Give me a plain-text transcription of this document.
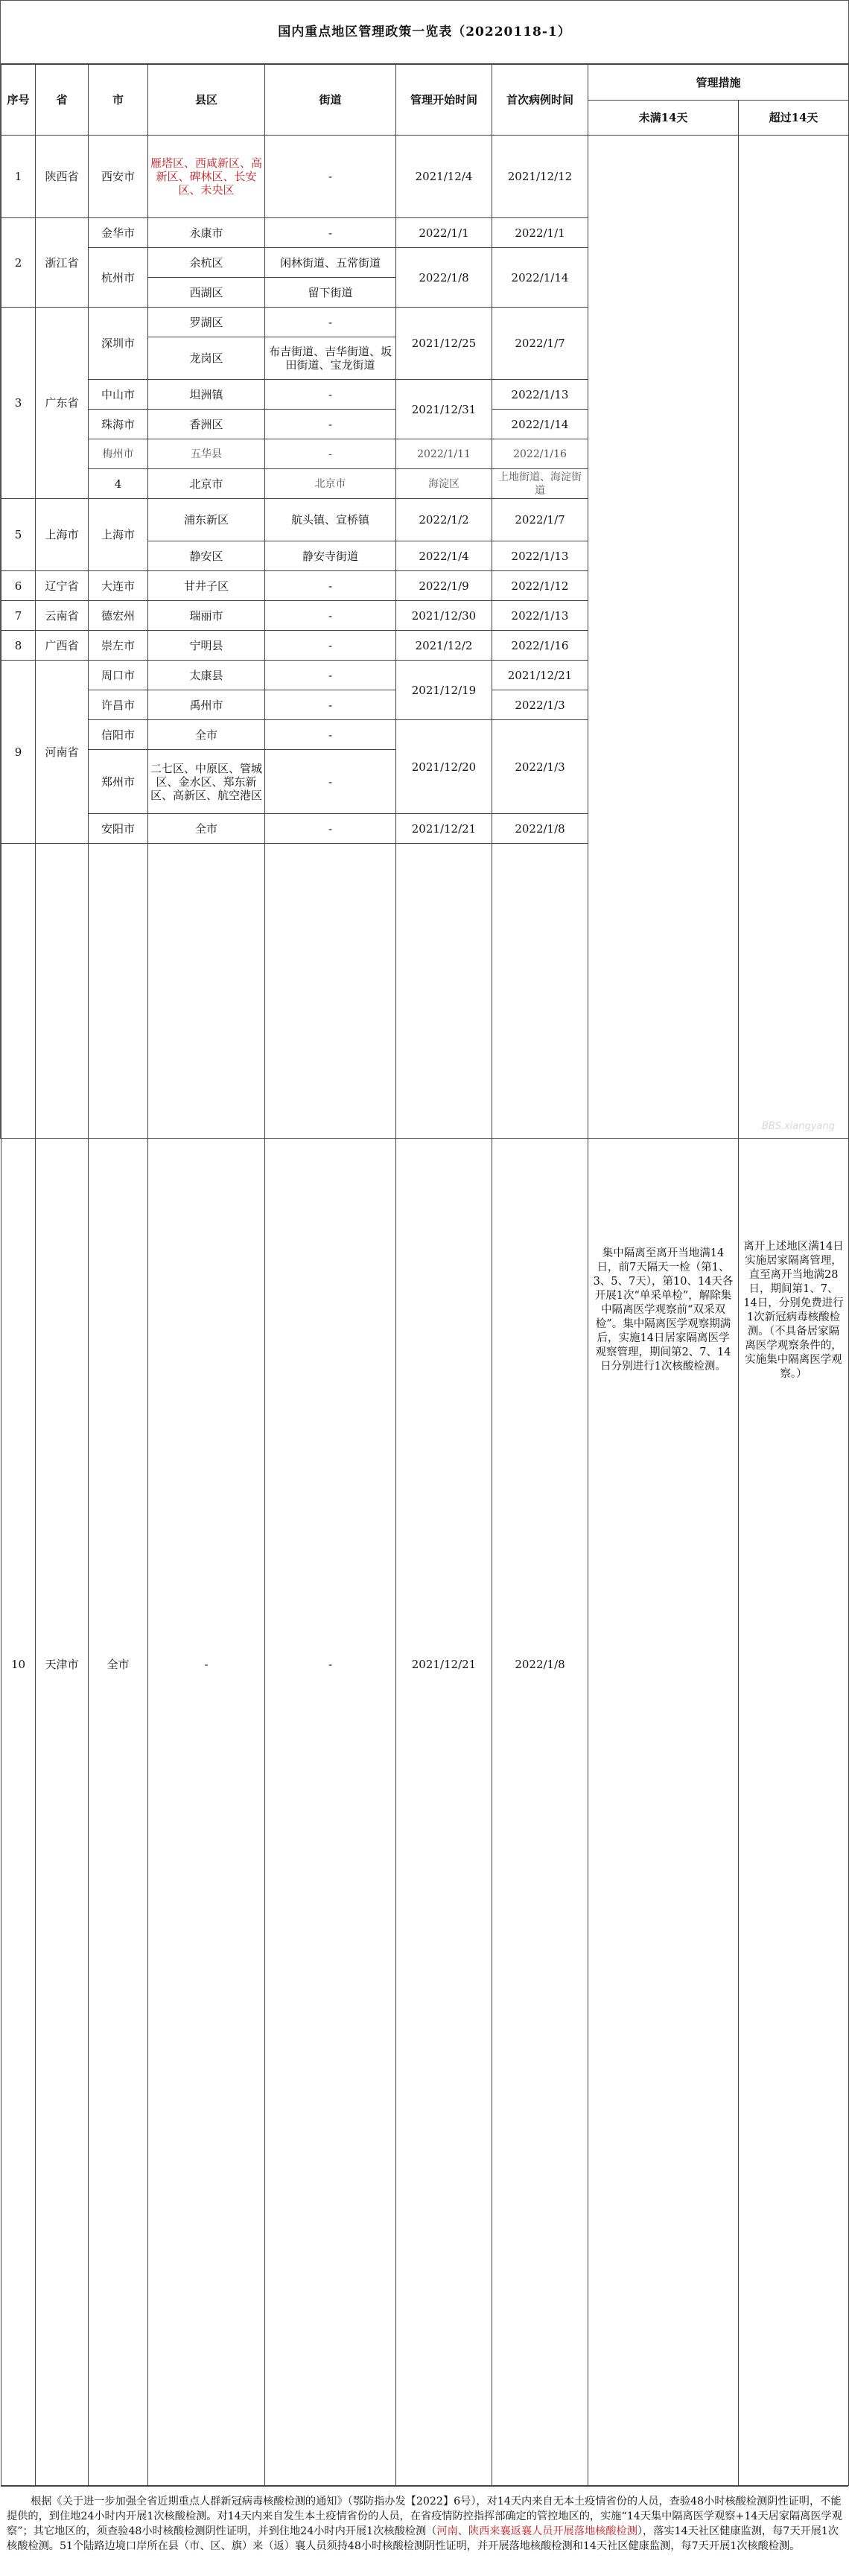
国内重点地区管理政策一览表（20220118-1）
序号	省	市	县区	街道	管理开始时间	首次病例时间	管理措施		
							未满14天	超过14天	
1	陕西省	西安市	雁塔区、西咸新区、高新区、碑林区、长安区、未央区	-	2021/12/4	2021/12/12	集中隔离至离开当地满14日，前7天隔天一检（第1、3、5、7天），第10、14天各开展1次“单采单检”，解除集中隔离医学观察前“双采双检”。集中隔离医学观察期满后，实施14日居家隔离医学观察管理，期间第2、7、14日分别进行1次核酸检测。	离开上述地区满14日实施居家隔离管理，直至离开当地满28日，期间第1、7、14日，分别免费进行1次新冠病毒核酸检测。（不具备居家隔离医学观察条件的，实施集中隔离医学观察。）	
2	浙江省	金华市	永康市	-	2022/1/1	2022/1/1			
		杭州市	余杭区	闲林街道、五常街道	2022/1/8	2022/1/14			
			西湖区	留下街道					
3	广东省	深圳市	罗湖区	-	2021/12/25	2022/1/7			
			龙岗区	布吉街道、吉华街道、坂田街道、宝龙街道					
		中山市	坦洲镇	-	2021/12/31	2022/1/13			
		珠海市	香洲区	-		2022/1/14			
		梅州市	五华县	-	2022/1/11	2022/1/16			
		4	北京市	北京市	海淀区	上地街道、海淀街道		
5	上海市	上海市	浦东新区	航头镇、宣桥镇	2022/1/2	2022/1/7			
			静安区	静安寺街道	2022/1/4	2022/1/13			
6	辽宁省	大连市	甘井子区	-	2022/1/9	2022/1/12			
7	云南省	德宏州	瑞丽市	-	2021/12/30	2022/1/13			
8	广西省	崇左市	宁明县	-	2021/12/2	2022/1/16			
9	河南省	周口市	太康县	-	2021/12/19	2021/12/21			
		许昌市	禹州市	-		2022/1/3			
		信阳市	全市	-	2021/12/20	2022/1/3			
		郑州市	二七区、中原区、管城区、金水区、郑东新区、高新区、航空港区	-					
		安阳市	全市	-	2021/12/21	2022/1/8			
10	天津市	全市	-	-	2021/12/21	2022/1/8	
根据《关于进一步加强全省近期重点人群新冠病毒核酸检测的通知》（鄂防指办发【2022】6号），对14天内来自无本土疫情省份的人员，查验48小时核酸检测阴性证明，不能提供的，到住地24小时内开展1次核酸检测。对14天内来自发生本土疫情省份的人员，在省疫情防控指挥部确定的管控地区的，实施“14天集中隔离医学观察+14天居家隔离医学观察”；其它地区的，须查验48小时核酸检测阴性证明，并到住地24小时内开展1次核酸检测（河南、陕西来襄返襄人员开展落地核酸检测），落实14天社区健康监测，每7天开展1次核酸检测。51个陆路边境口岸所在县（市、区、旗）来（返）襄人员须持48小时核酸检测阴性证明，并开展落地核酸检测和14天社区健康监测，每7天开展1次核酸检测。
BBS.xiangyang
